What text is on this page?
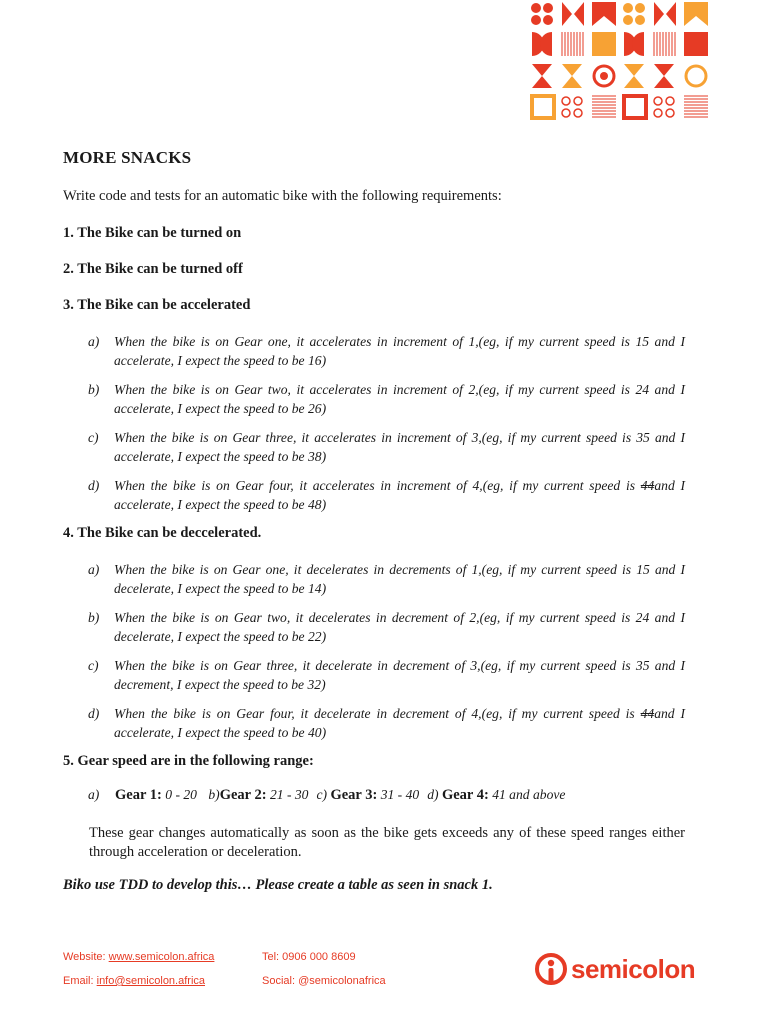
MORE SNACKS
Write code and tests for an automatic bike with the following requirements:
1. The Bike can be turned on
2. The Bike can be turned off
3. The Bike can be accelerated
a)	When the bike is on Gear one, it accelerates in increment of 1,(eg, if my current speed is 15 and I accelerate, I expect the speed to be 16)
b)	When the bike is on Gear two, it accelerates in increment of 2,(eg, if my current speed is 24 and I accelerate, I expect the speed to be 26)
c)	When the bike is on Gear three, it accelerates in increment of 3,(eg, if my current speed is 35 and I accelerate, I expect the speed to be 38)
d)	When the bike is on Gear four, it accelerates in increment of 4,(eg, if my current speed is 44and I accelerate, I expect the speed to be 48)
4. The Bike can be deccelerated.
a)	When the bike is on Gear one, it decelerates in decrements of 1,(eg, if my current speed is 15 and I decelerate, I expect the speed to be 14)
b)	When the bike is on Gear two, it decelerates in decrement of 2,(eg, if my current speed is 24 and I decelerate, I expect the speed to be 22)
c)	When the bike is on Gear three, it decelerate in decrement of 3,(eg, if my current speed is 35 and I decrement, I expect the speed to be 32)
d)	When the bike is on Gear four, it decelerate in decrement of 4,(eg, if my current speed is 44and I accelerate, I expect the speed to be 40)
5. Gear speed are in the following range:
a)	Gear 1:
0 - 20
b) Gear 2:
21 - 30 c)
Gear 3:
31 - 40 d)
Gear 4:
41 and above
These gear changes automatically as soon as the bike gets exceeds any of these speed ranges either through acceleration or deceleration.
Biko use TDD to develop this… Please create a table as seen in snack 1.
Website: www.semicolon.africa
Email: info@semicolon.africa
Tel: 0906 000 8609
Social: @semicolonafrica	semicolon
